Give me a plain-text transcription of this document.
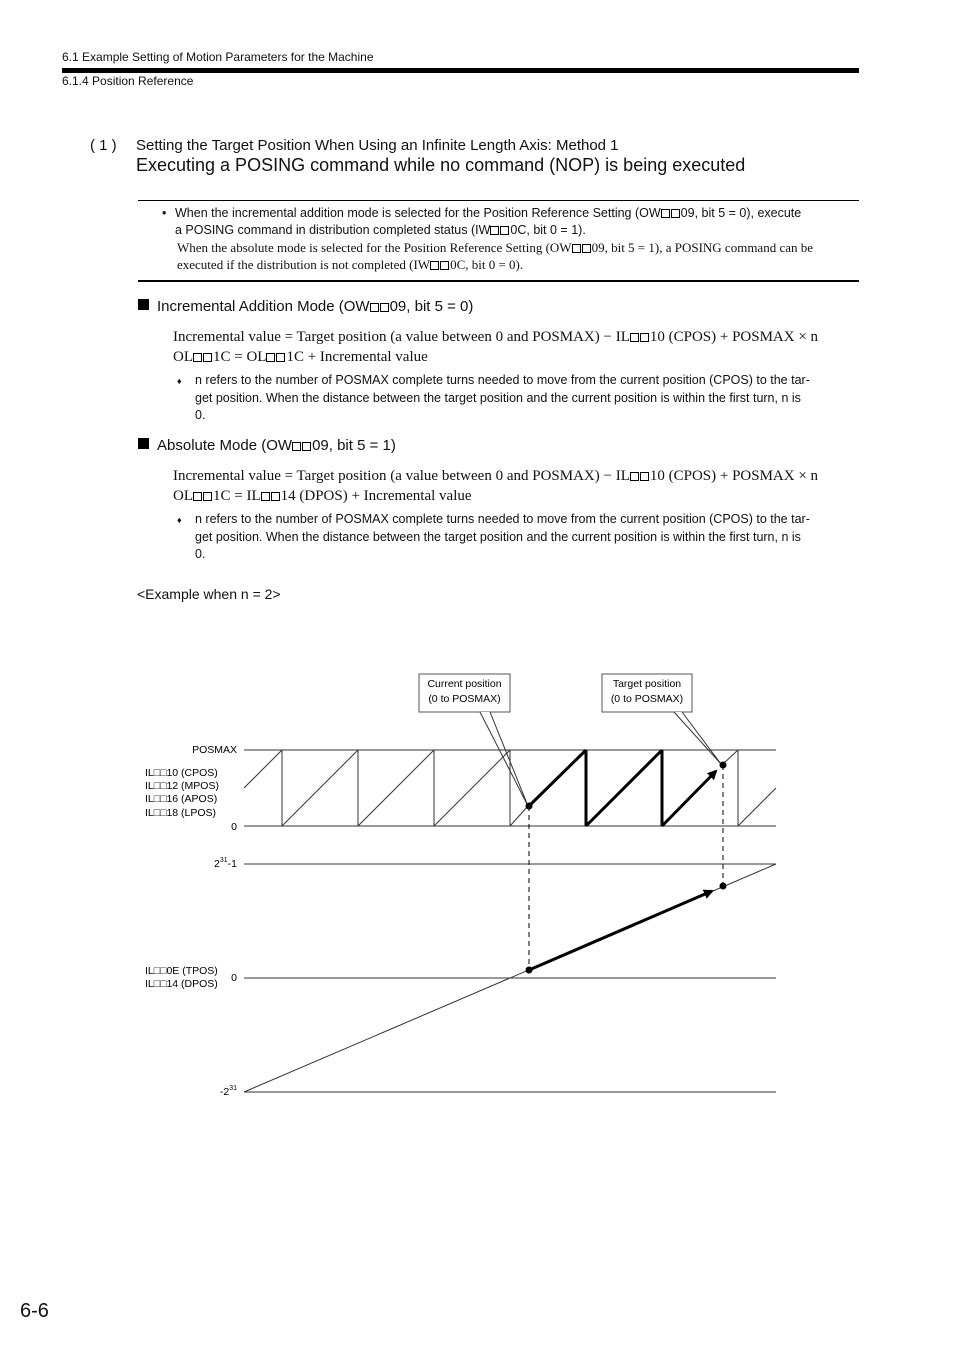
6.1 Example Setting of Motion Parameters for the Machine
6.1.4 Position Reference
( 1 ) Setting the Target Position When Using an Infinite Length Axis: Method 1
Executing a POSING command while no command (NOP) is being executed
• When the incremental addition mode is selected for the Position Reference Setting (OW 09, bit 5 = 0), execute
a POSING command in distribution completed status (IW 0C, bit 0 = 1).
When the absolute mode is selected for the Position Reference Setting (OW 09, bit 5 = 1), a POSING command can be
executed if the distribution is not completed (IW 0C, bit 0 = 0).
Incremental Addition Mode (OW 09, bit 5 = 0)
Incremental value = Target position (a value between 0 and POSMAX) − IL 10 (CPOS) + POSMAX × n
OL 1C = OL 1C + Incremental value
♦ n refers to the number of POSMAX complete turns needed to move from the current position (CPOS) to the tar-
get position. When the distance between the target position and the current position is within the first turn, n is
0.
Absolute Mode (OW 09, bit 5 = 1)
Incremental value = Target position (a value between 0 and POSMAX) − IL 10 (CPOS) + POSMAX × n
OL 1C = IL 14 (DPOS) + Incremental value
♦ n refers to the number of POSMAX complete turns needed to move from the current position (CPOS) to the tar-
get position. When the distance between the target position and the current position is within the first turn, n is
0.
<Example when n = 2>
Current position
(0 to POSMAX)
Target position
(0 to POSMAX)
POSMAX
IL□□10 (CPOS)
IL□□12 (MPOS)
IL□□16 (APOS)
IL□□18 (LPOS)
0
$2^{31}-1$
IL□□0E (TPOS)
IL□□14 (DPOS) 0
$-2^{31}$
6-6
